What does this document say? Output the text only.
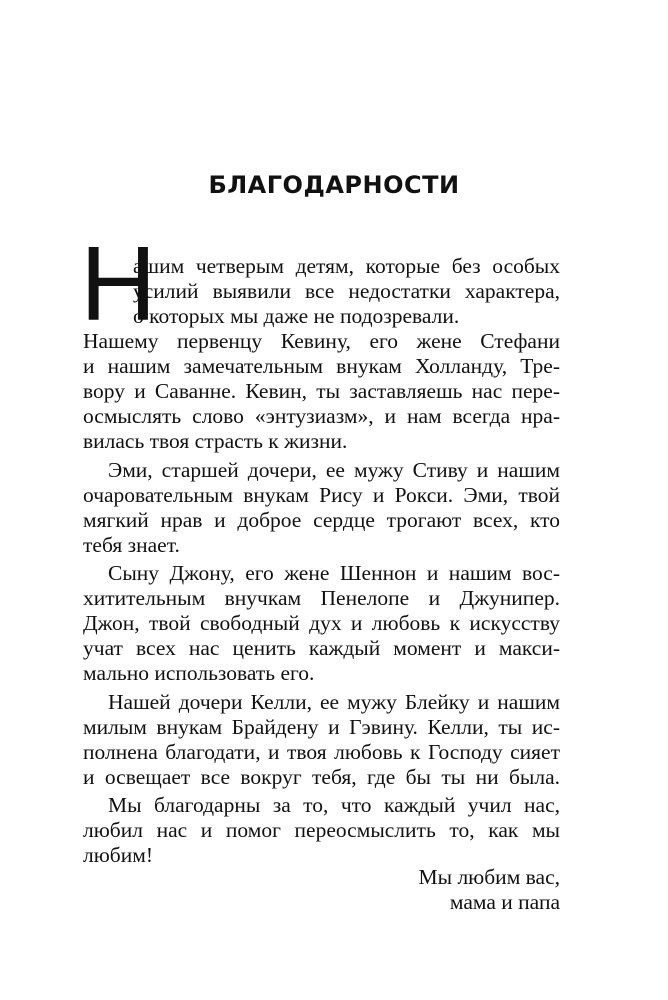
БЛАГОДАРНОСТИ
Н

ашим четверым детям, которые без особых

усилий выявили все недостатки характера,

о которых мы даже не подозревали.

Нашему первенцу Кевину, его жене Стефани

и нашим замечательным внукам Холланду, Тре-

вору и Саванне. Кевин, ты заставляешь нас пере-

осмыслять слово «энтузиазм», и нам всегда нра-

вилась твоя страсть к жизни.

Эми, старшей дочери, ее мужу Стиву и нашим

очаровательным внукам Рису и Рокси. Эми, твой

мягкий нрав и доброе сердце трогают всех, кто

тебя знает.

Сыну Джону, его жене Шеннон и нашим вос-

хитительным внучкам Пенелопе и Джунипер.

Джон, твой свободный дух и любовь к искусству

учат всех нас ценить каждый момент и макси-

мально использовать его.

Нашей дочери Келли, ее мужу Блейку и нашим

милым внукам Брайдену и Гэвину. Келли, ты ис-

полнена благодати, и твоя любовь к Господу сияет

и освещает все вокруг тебя, где бы ты ни была.

Мы благодарны за то, что каждый учил нас,

любил нас и помог переосмыслить то, как мы

любим!

Мы любим вас,

мама и папа
